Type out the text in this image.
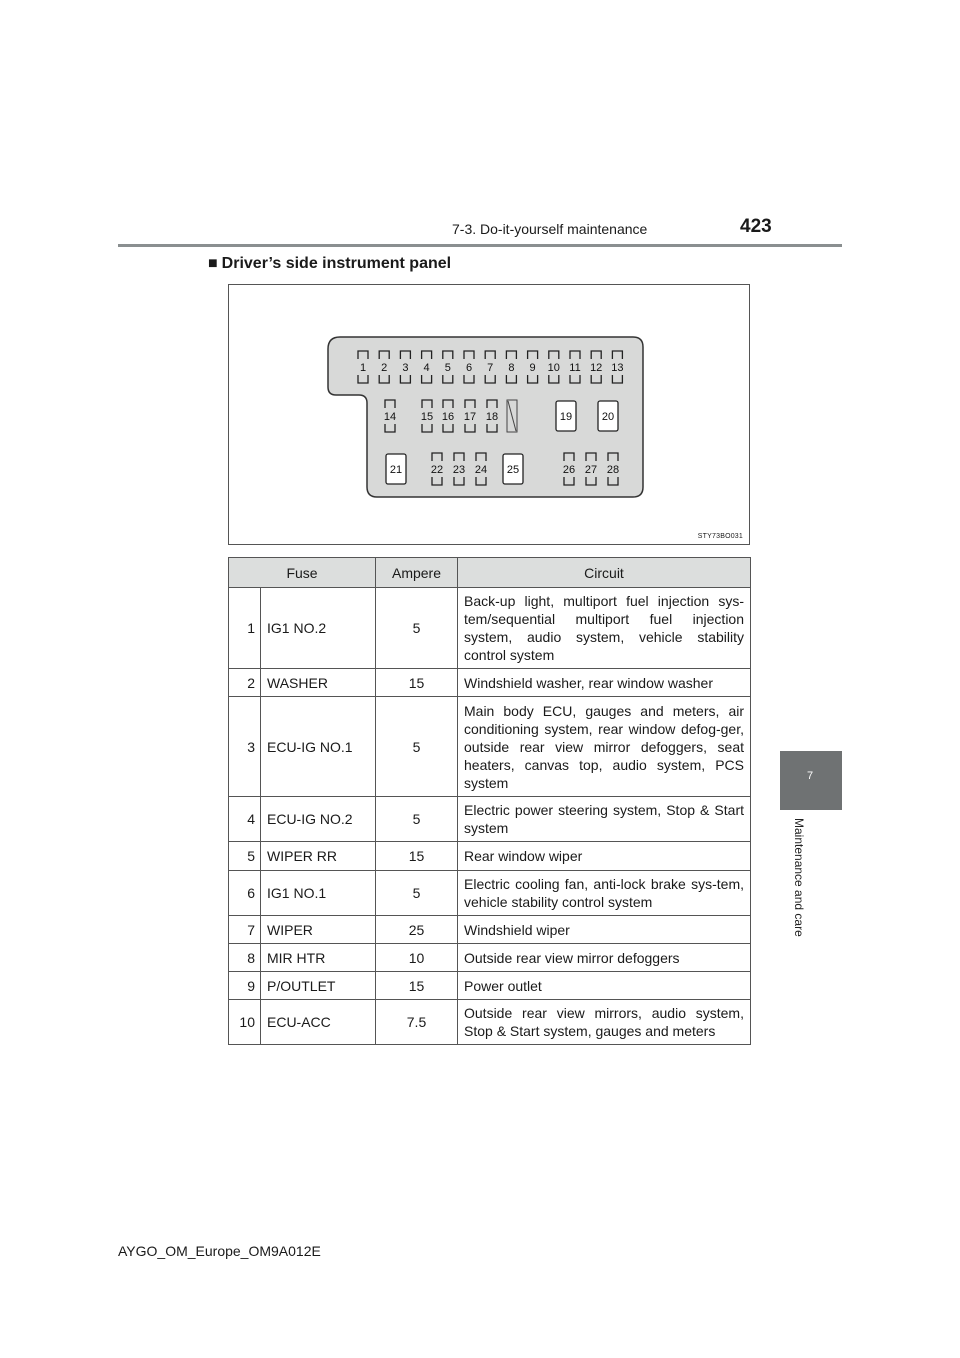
7-3. Do-it-yourself maintenance	423
■ Driver’s side instrument panel
7
Maintenance and care
1 2 3 4 5 6 7 8 9 10 11 12 13
14 15 16 17 18	19	20
21	25
22 23 24	26 27 28
STY73BO031
Fuse		Ampere	Circuit
1	IG1 NO.2	5	Back-up light, multiport fuel injection sys-tem/sequential multiport fuel injection system, audio system, vehicle stability control system
2	WASHER	15	Windshield washer, rear window washer
3	ECU-IG NO.1	5	Main body ECU, gauges and meters, air conditioning system, rear window defog-ger, outside rear view mirror defoggers, seat heaters, canvas top, audio system, PCS system
4	ECU-IG NO.2	5	Electric power steering system, Stop & Start system
5	WIPER RR	15	Rear window wiper
6	IG1 NO.1	5	Electric cooling fan, anti-lock brake sys-tem, vehicle stability control system
7	WIPER	25	Windshield wiper
8	MIR HTR	10	Outside rear view mirror defoggers
9	P/OUTLET	15	Power outlet
10	ECU-ACC	7.5	Outside rear view mirrors, audio system, Stop & Start system, gauges and meters
AYGO_OM_Europe_OM9A012E
